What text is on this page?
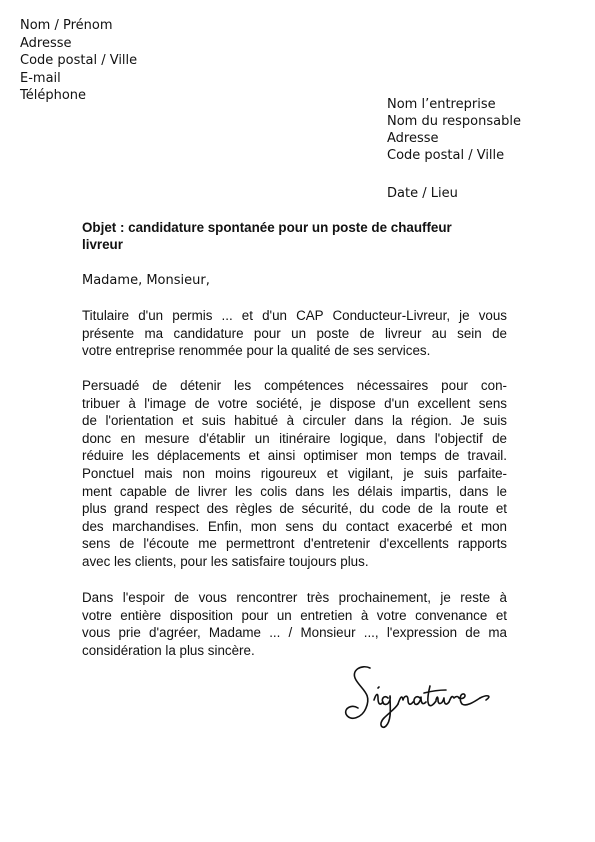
Nom / Prénom
Adresse
Code postal / Ville
E-mail
Téléphone
Nom l’entreprise
Nom du responsable
Adresse
Code postal / Ville
Date / Lieu
Objet : candidature spontanée pour un poste de chauffeur
livreur
Madame, Monsieur,
Titulaire d'un permis ... et d'un CAP Conducteur-Livreur, je vous
présente ma candidature pour un poste de livreur au sein de
votre entreprise renommée pour la qualité de ses services.
Persuadé de détenir les compétences nécessaires pour con-
tribuer à l'image de votre société, je dispose d'un excellent sens
de l'orientation et suis habitué à circuler dans la région. Je suis
donc en mesure d'établir un itinéraire logique, dans l'objectif de
réduire les déplacements et ainsi optimiser mon temps de travail.
Ponctuel mais non moins rigoureux et vigilant, je suis parfaite-
ment capable de livrer les colis dans les délais impartis, dans le
plus grand respect des règles de sécurité, du code de la route et
des marchandises. Enfin, mon sens du contact exacerbé et mon
sens de l'écoute me permettront d'entretenir d'excellents rapports
avec les clients, pour les satisfaire toujours plus.
Dans l'espoir de vous rencontrer très prochainement, je reste à
votre entière disposition pour un entretien à votre convenance et
vous prie d'agréer, Madame ... / Monsieur ..., l'expression de ma
considération la plus sincère.
